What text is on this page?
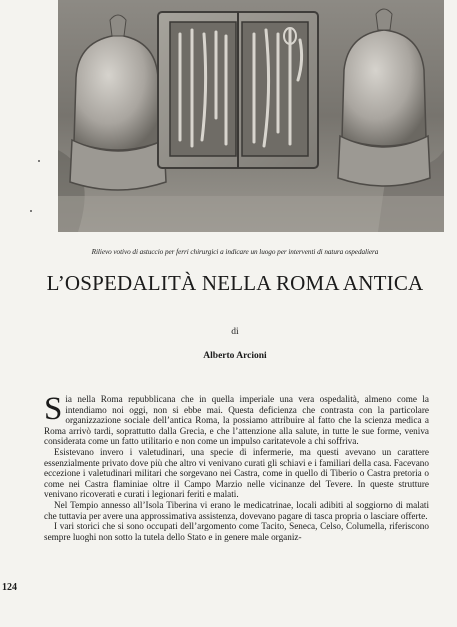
Rilievo votivo di astuccio per ferri chirurgici a indicare un luogo per interventi di natura ospedaliera
L’OSPEDALITÀ NELLA ROMA ANTICA
di
Alberto Arcioni

Sia nella Roma repubblicana che in quella imperiale una vera ospedalità, almeno come la intendiamo noi oggi, non si ebbe mai. Questa deficienza che contrasta con la particolare organizzazione sociale dell’antica Roma, la possiamo attribuire al fatto che la scienza medica a Roma arrivò tardi, soprattutto dalla Grecia, e che l’attenzione alla salute, in tutte le sue forme, veniva considerata come un fatto utilitario e non come un impulso caritatevole a chi soffriva.

Esistevano invero i valetudinari, una specie di infermerie, ma questi avevano un carattere essenzialmente privato dove più che altro vi venivano curati gli schiavi e i familiari della casa. Facevano eccezione i valetudinari militari che sorgevano nei Castra, come in quello di Tiberio o Castra pretoria o come nei Castra flaminiae oltre il Campo Marzio nelle vicinanze del Tevere. In queste strutture venivano ricoverati e curati i legionari feriti e malati.

Nel Tempio annesso all’Isola Tiberina vi erano le medicatrinae, locali adibiti al soggiorno di malati che tuttavia per avere una approssimativa assistenza, dovevano pagare di tasca propria o lasciare offerte.

I vari storici che si sono occupati dell’argomento come Tacito, Seneca, Celso, Columella, riferiscono sempre luoghi non sotto la tutela dello Stato e in genere male organiz-

124
